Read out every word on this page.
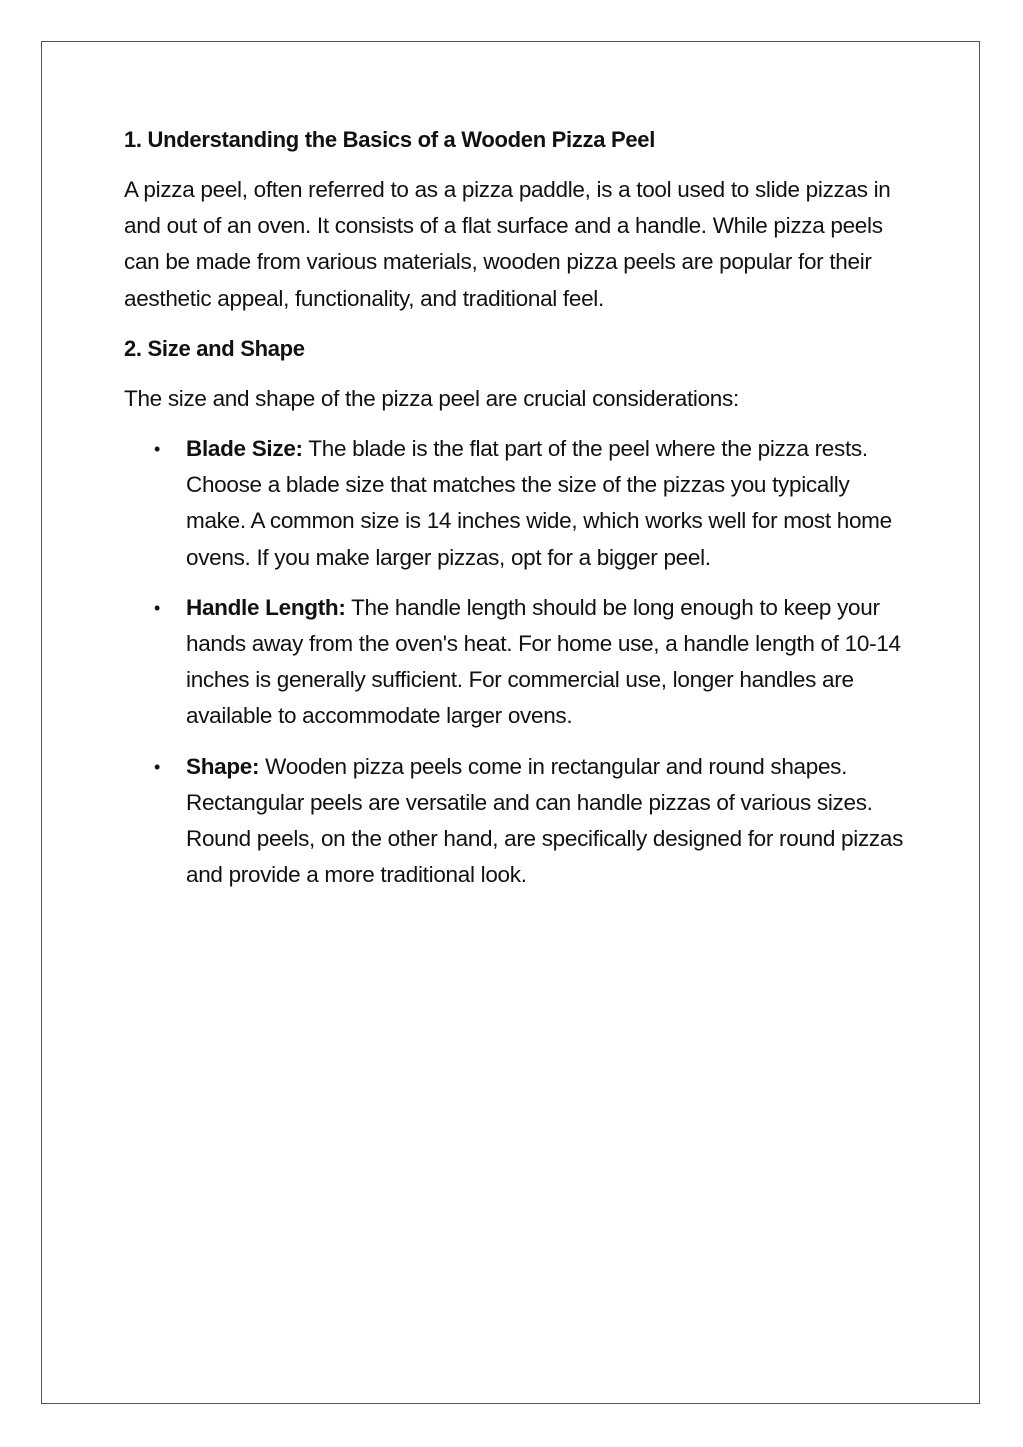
1. Understanding the Basics of a Wooden Pizza Peel

A pizza peel, often referred to as a pizza paddle, is a tool used to slide pizzas in and out of an oven. It consists of a flat surface and a handle. While pizza peels can be made from various materials, wooden pizza peels are popular for their aesthetic appeal, functionality, and traditional feel.

2. Size and Shape

The size and shape of the pizza peel are crucial considerations:

• Blade Size: The blade is the flat part of the peel where the pizza rests. Choose a blade size that matches the size of the pizzas you typically make. A common size is 14 inches wide, which works well for most home ovens. If you make larger pizzas, opt for a bigger peel.
• Handle Length: The handle length should be long enough to keep your hands away from the oven's heat. For home use, a handle length of 10-14 inches is generally sufficient. For commercial use, longer handles are available to accommodate larger ovens.
• Shape: Wooden pizza peels come in rectangular and round shapes. Rectangular peels are versatile and can handle pizzas of various sizes. Round peels, on the other hand, are specifically designed for round pizzas and provide a more traditional look.
